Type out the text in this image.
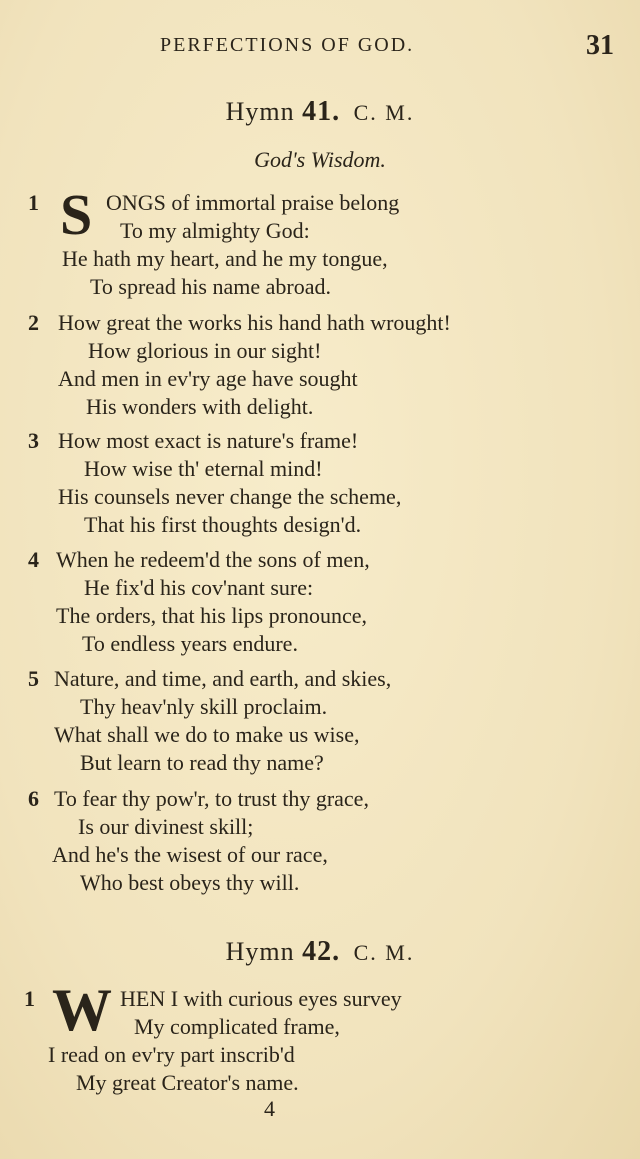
PERFECTIONS OF GOD.	31
Hymn 41. C. M.
God's Wisdom.
1 S ONGS of immortal praise belong
To my almighty God:
He hath my heart, and he my tongue,
To spread his name abroad.
2 How great the works his hand hath wrought!
How glorious in our sight!
And men in ev'ry age have sought
His wonders with delight.
3 How most exact is nature's frame!
How wise th' eternal mind!
His counsels never change the scheme,
That his first thoughts design'd.
4 When he redeem'd the sons of men,
He fix'd his cov'nant sure:
The orders, that his lips pronounce,
To endless years endure.
5 Nature, and time, and earth, and skies,
Thy heav'nly skill proclaim.
What shall we do to make us wise,
But learn to read thy name?
6 To fear thy pow'r, to trust thy grace,
Is our divinest skill;
And he's the wisest of our race,
Who best obeys thy will.
Hymn 42. C. M.
1 W HEN I with curious eyes survey
My complicated frame,
I read on ev'ry part inscrib'd
My great Creator's name.
4
